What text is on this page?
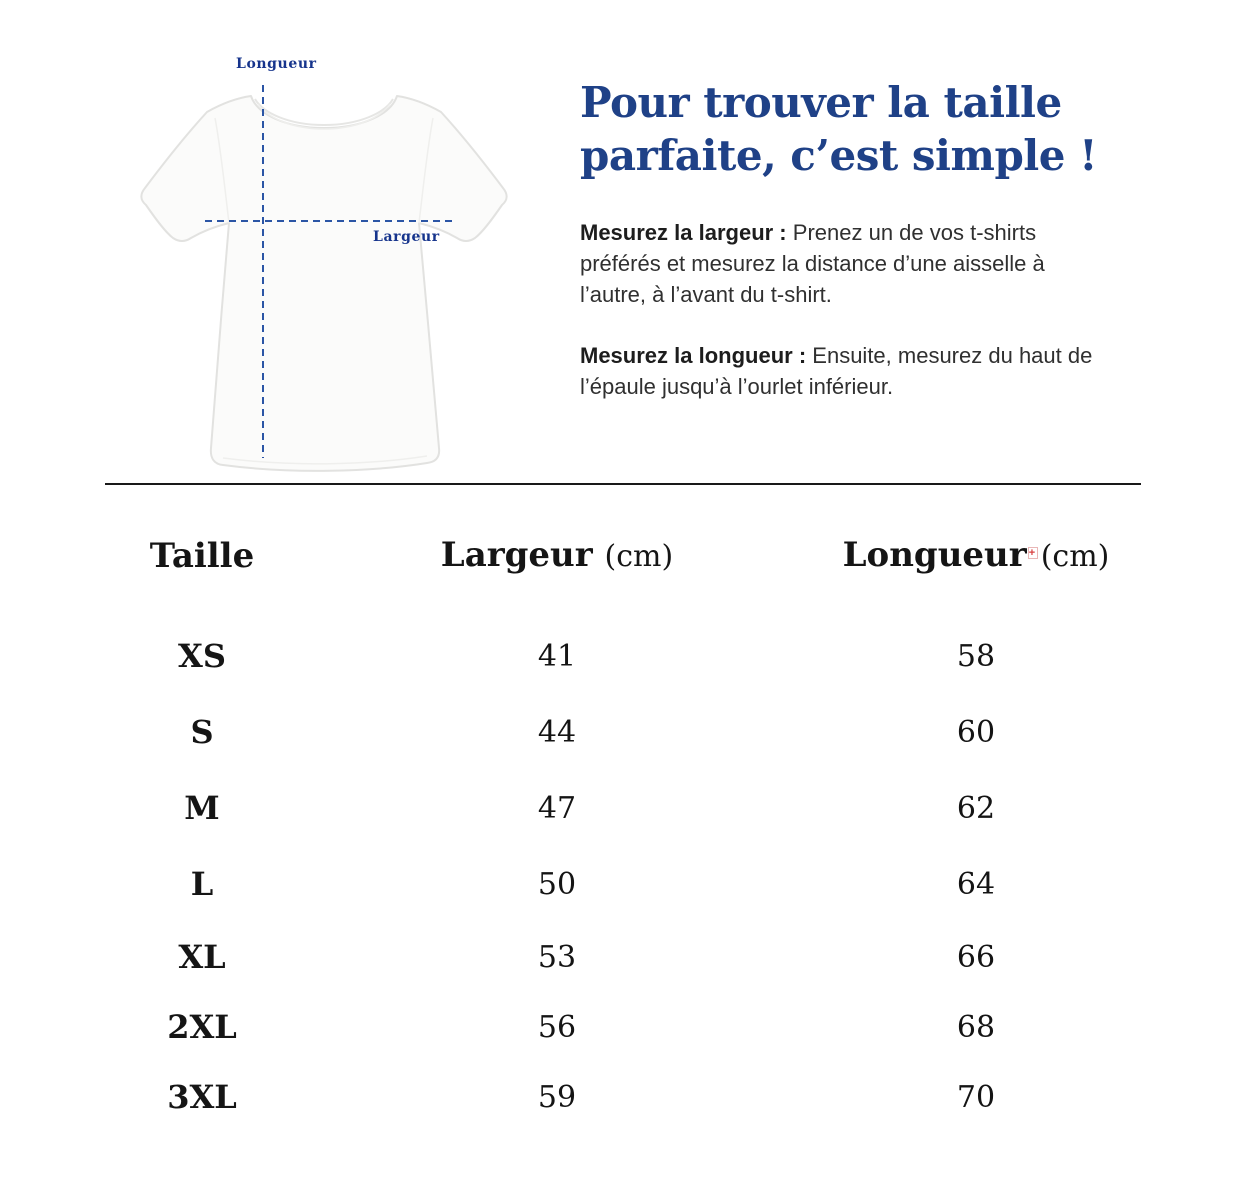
Longueur
Largeur
Pour trouver la taille parfaite, c’est simple !

Mesurez la largeur : Prenez un de vos t-shirts préférés et mesurez la distance d’une aisselle à l’autre, à l’avant du t-shirt.

Mesurez la longueur : Ensuite, mesurez du haut de l’épaule jusqu’à l’ourlet inférieur.

Taille	Largeur (cm)	Longueur + (cm)
XS	41	58
S	44	60
M	47	62
L	50	64
XL	53	66
2XL	56	68
3XL	59	70
